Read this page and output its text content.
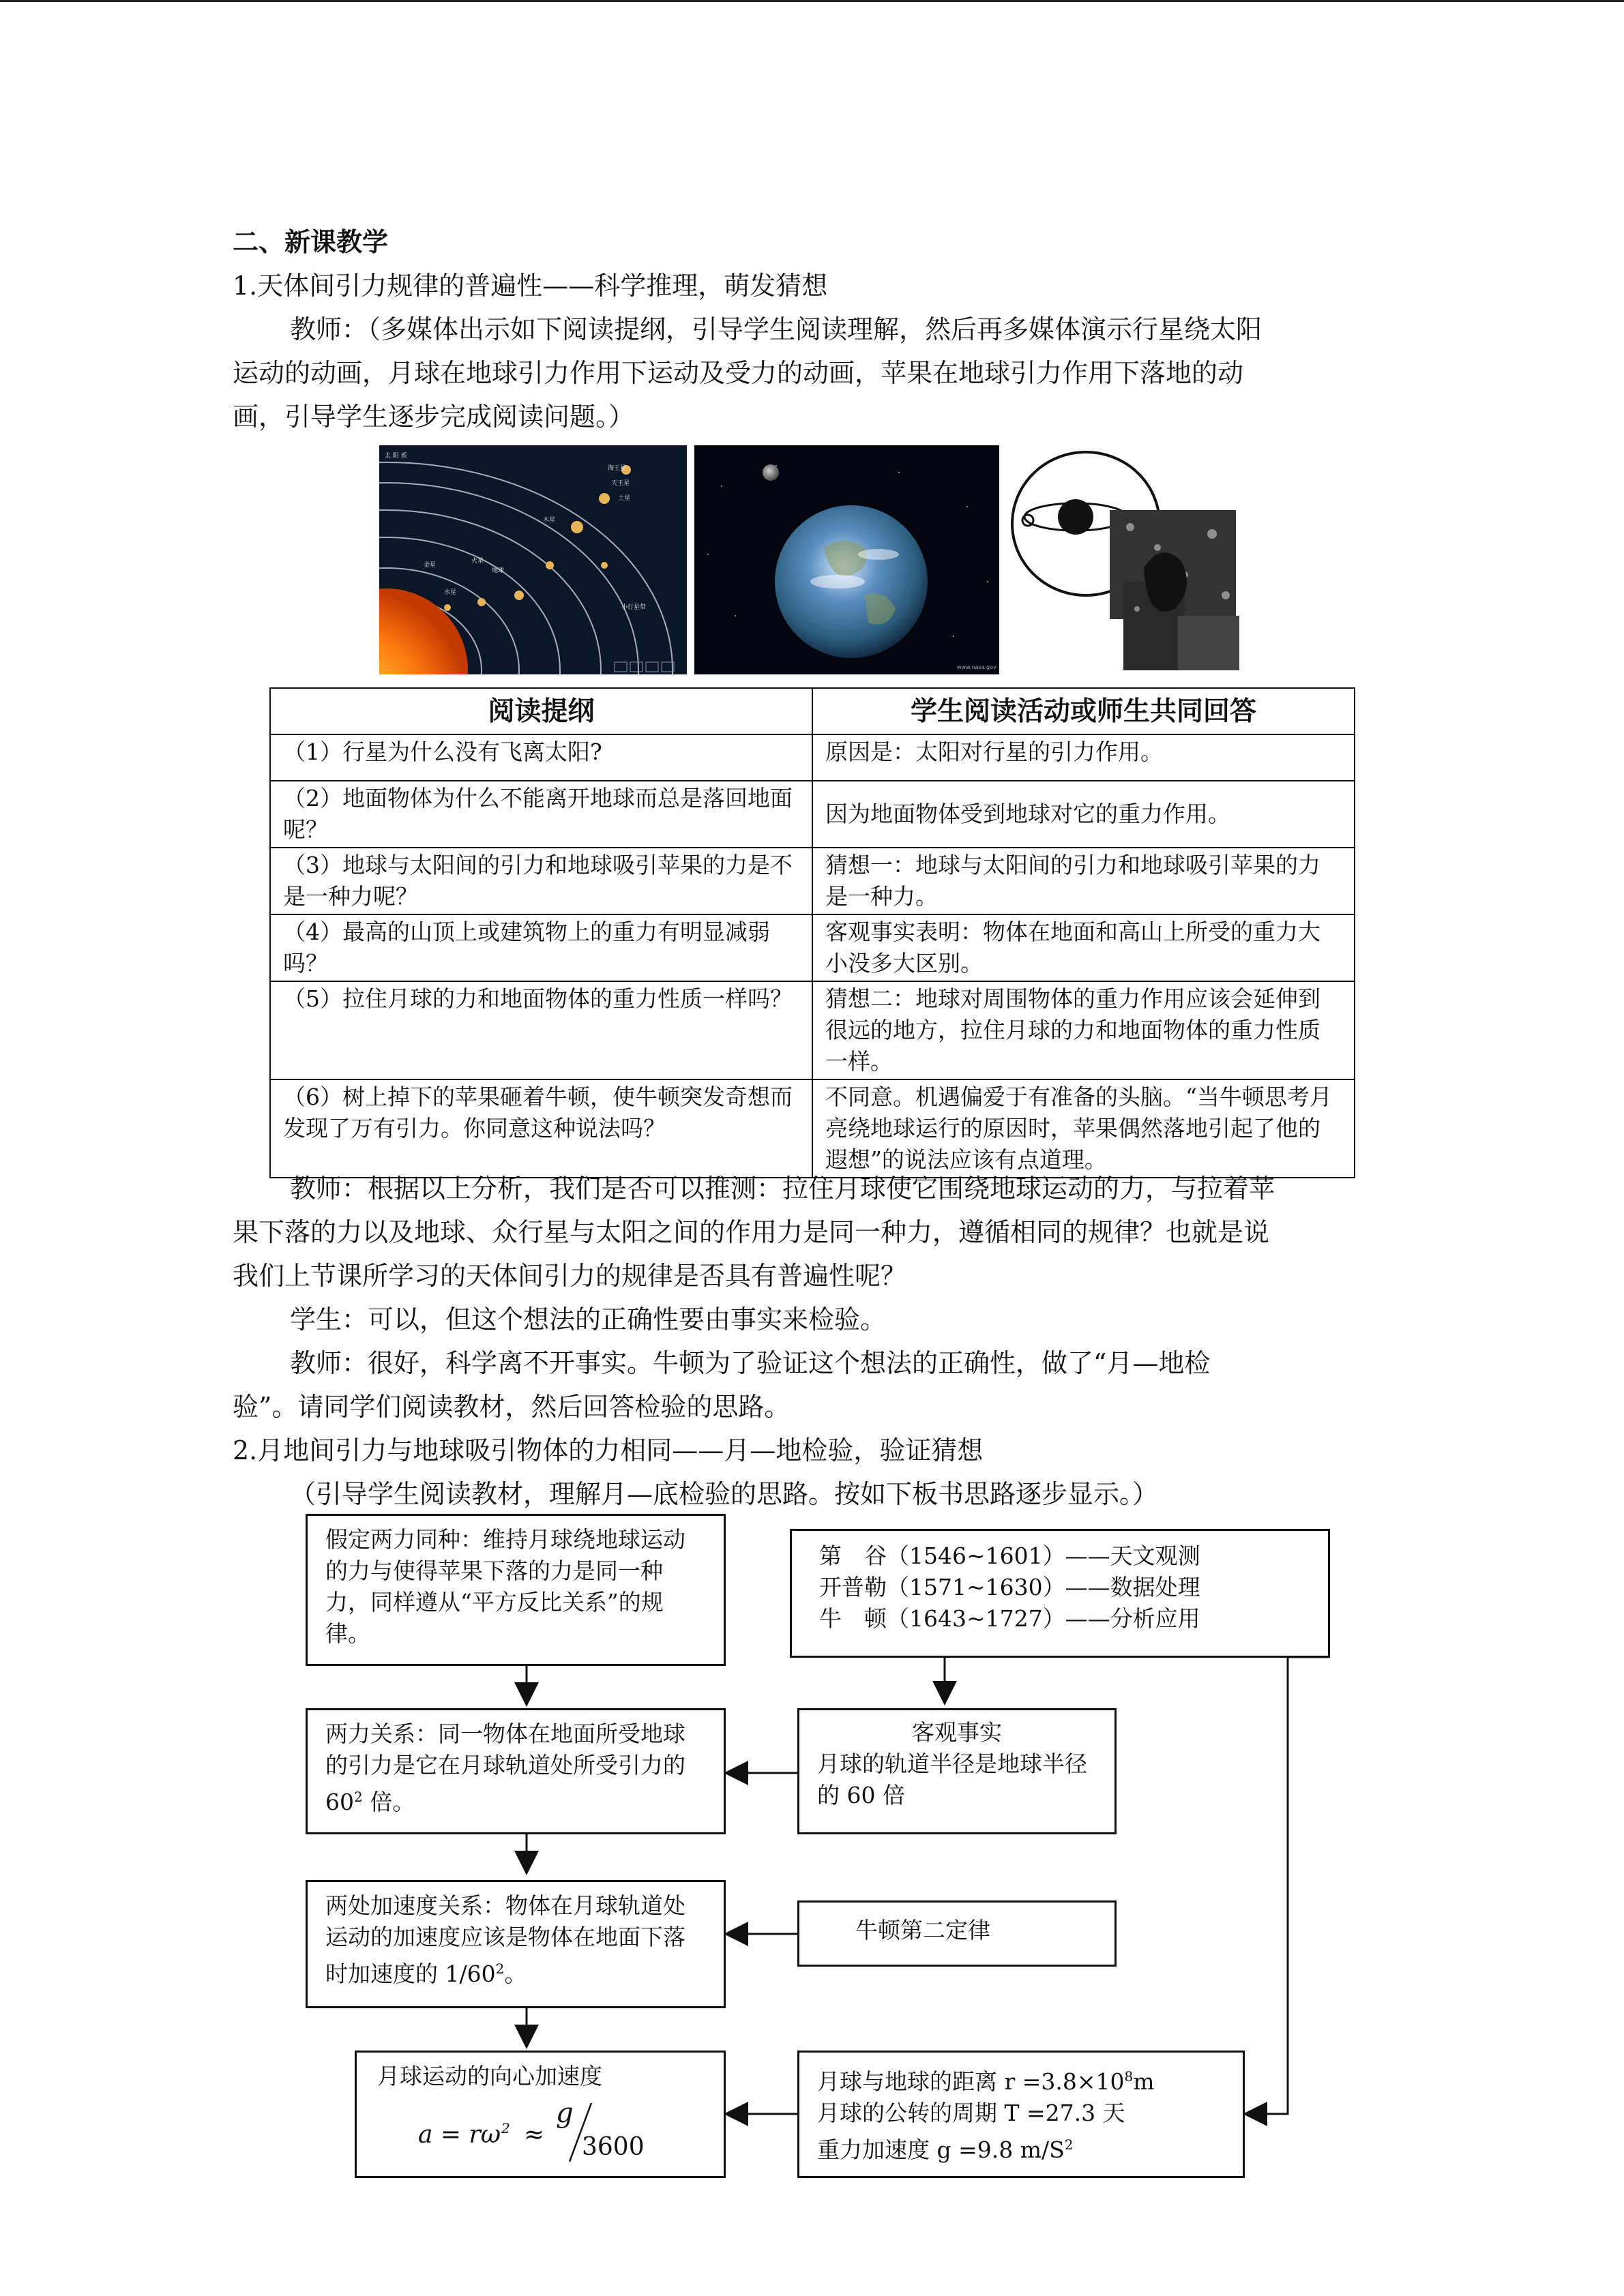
二、新课教学
1.天体间引力规律的普遍性——科学推理，萌发猜想
教师：（多媒体出示如下阅读提纲，引导学生阅读理解，然后再多媒体演示行星绕太阳
运动的动画，月球在地球引力作用下运动及受力的动画，苹果在地球引力作用下落地的动
画，引导学生逐步完成阅读问题。）
太 阳 系
海王星
天王星
土星
木星
火星
地球
金星
水星
小行星带
www.nasa.gov
阅读提纲	学生阅读活动或师生共同回答
（1）行星为什么没有飞离太阳?	原因是：太阳对行星的引力作用。
（2）地面物体为什么不能离开地球而总是落回地面呢？	因为地面物体受到地球对它的重力作用。
（3）地球与太阳间的引力和地球吸引苹果的力是不是一种力呢？	猜想一：地球与太阳间的引力和地球吸引苹果的力是一种力。
（4）最高的山顶上或建筑物上的重力有明显减弱吗？	客观事实表明：物体在地面和高山上所受的重力大小没多大区别。
（5）拉住月球的力和地面物体的重力性质一样吗？	猜想二：地球对周围物体的重力作用应该会延伸到很远的地方，拉住月球的力和地面物体的重力性质一样。
（6）树上掉下的苹果砸着牛顿，使牛顿突发奇想而发现了万有引力。你同意这种说法吗？	不同意。机遇偏爱于有准备的头脑。“当牛顿思考月亮绕地球运行的原因时，苹果偶然落地引起了他的遐想”的说法应该有点道理。
教师：根据以上分析，我们是否可以推测：拉住月球使它围绕地球运动的力，与拉着苹
果下落的力以及地球、众行星与太阳之间的作用力是同一种力，遵循相同的规律？也就是说
我们上节课所学习的天体间引力的规律是否具有普遍性呢？
学生：可以，但这个想法的正确性要由事实来检验。
教师：很好，科学离不开事实。牛顿为了验证这个想法的正确性，做了“月—地检
验”。请同学们阅读教材，然后回答检验的思路。
2.月地间引力与地球吸引物体的力相同——月—地检验，验证猜想
（引导学生阅读教材，理解月—底检验的思路。按如下板书思路逐步显示。）
假定两力同种：维持月球绕地球运动的力与使得苹果下落的力是同一种力，同样遵从“平方反比关系”的规律。
第　谷（1546~1601）——天文观测
开普勒（1571~1630）——数据处理
牛　顿（1643~1727）——分析应用
两力关系：同一物体在地面所受地球的引力是它在月球轨道处所受引力的 $60^2$ 倍。
客观事实
月球的轨道半径是地球半径的 60 倍
两处加速度关系：物体在月球轨道处运动的加速度应该是物体在地面下落时加速度的 $1/60^2$。
牛顿第二定律
月球运动的向心加速度
a = rω 2 ≈
g
3600
月球与地球的距离 $r =3.8\times 10^8m$
月球的公转的周期 T =27.3 天
重力加速度 g =9.8 $m/S^2$
